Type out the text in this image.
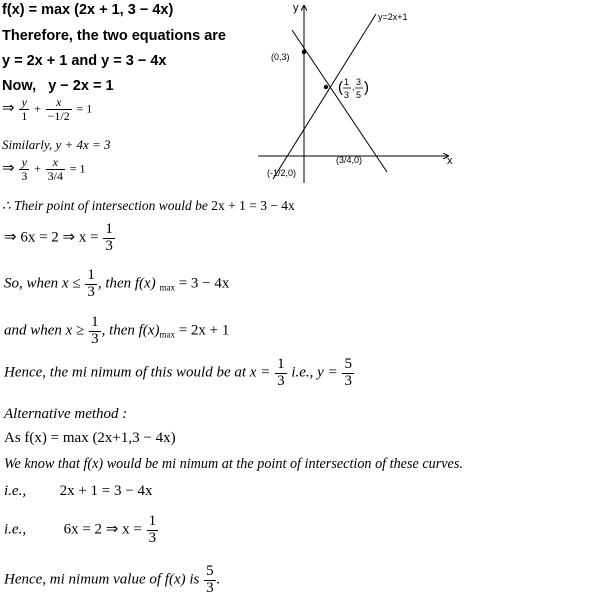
f(x) = max (2x + 1, 3 − 4x)
Therefore, the two equations are
y = 2x + 1 and y = 3 − 4x
Now, y − 2x = 1
⇒ $\frac{y}{1} + \frac{x}{-1/2} = 1$
Similarly, y + 4x = 3
⇒ $\frac{y}{3} + \frac{x}{3/4} = 1$
∴ Their point of intersection would be 2x + 1 = 3 − 4x
⇒ 6x = 2 ⇒ $x = \frac{1}{3}$
So, when $x \le \frac{1}{3}$ , then f(x) $_{max}$ = 3 − 4x
and when $x \ge \frac{1}{3}$ , then $f(x)_{max} = 2x + 1$
Hence, the mi nimum of this would be at $x = \frac{1}{3} i.e$., $y = \frac{5}{3}$
Alternative method :
As f(x) = max (2x+1,3 − 4x)
We know that f(x) would be mi nimum at the point of intersection of these curves.
i.e., 2x + 1 = 3 − 4x
i.e.,	6x = 2 ⇒ $x = \frac{1}{3}$
Hence, mi nimum value of f(x) is $\frac{5}{3}$ .
y
x
y=2x+1
(0,3)
(-1/2,0)
(3/4,0)
( 1
3
, 3
5 )
